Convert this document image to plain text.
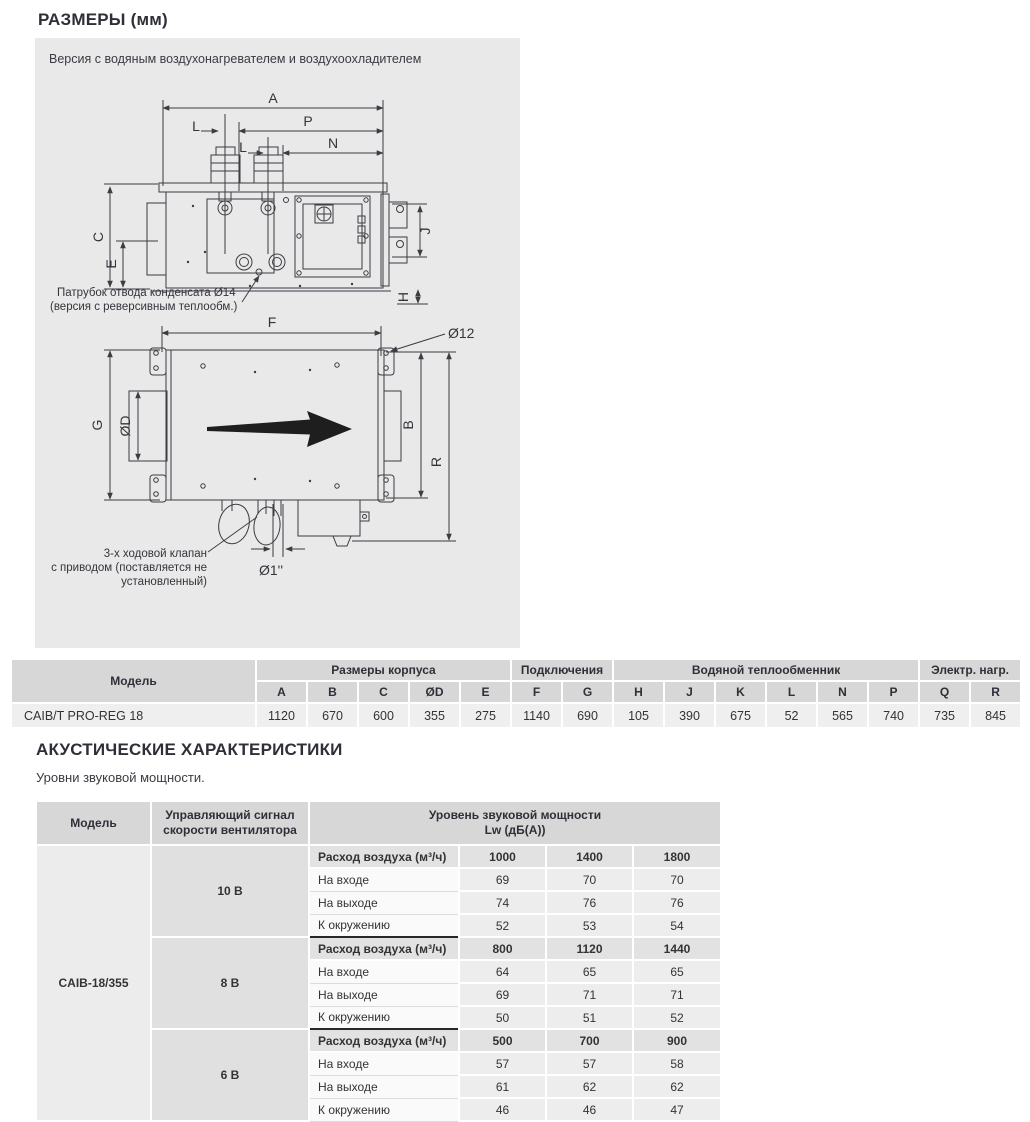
РАЗМЕРЫ (мм)
Версия с водяным воздухонагревателем и воздухоохладителем
A
P
L
N
L
C
E
J
H
Патрубок отвода конденсата Ø14
(версия с реверсивным теплообм.)
F
Ø12
G ØD	B
R
Ø1''
3-х ходовой клапан
с приводом (поставляется не
установленный)
Модель	Размеры корпуса					Подключения		Водяной теплообменник						Электр. нагр.	
	A	B	C	ØD	E	F	G	H	J	K	L	N	P	Q	R
CAIB/T PRO-REG 18	1120	670	600	355	275	1140	690	105	390	675	52	565	740	735	845
АКУСТИЧЕСКИЕ ХАРАКТЕРИСТИКИ
Уровни звуковой мощности.
Модель	Управляющий сигнал скорости вентилятора	Уровень звуковой мощности
Lw (дБ(A))			

CAIB-18/355	10 В	Расход воздуха (м³/ч)	1000	1400	1800
		На входе	69	70	70
		На выходе	74	76	76
		К окружению	52	53	54
	8 В	Расход воздуха (м³/ч)	800	1120	1440
		На входе	64	65	65
		На выходе	69	71	71
		К окружению	50	51	52
	6 В	Расход воздуха (м³/ч)	500	700	900
		На входе	57	57	58
		На выходе	61	62	62
		К окружению	46	46	47
